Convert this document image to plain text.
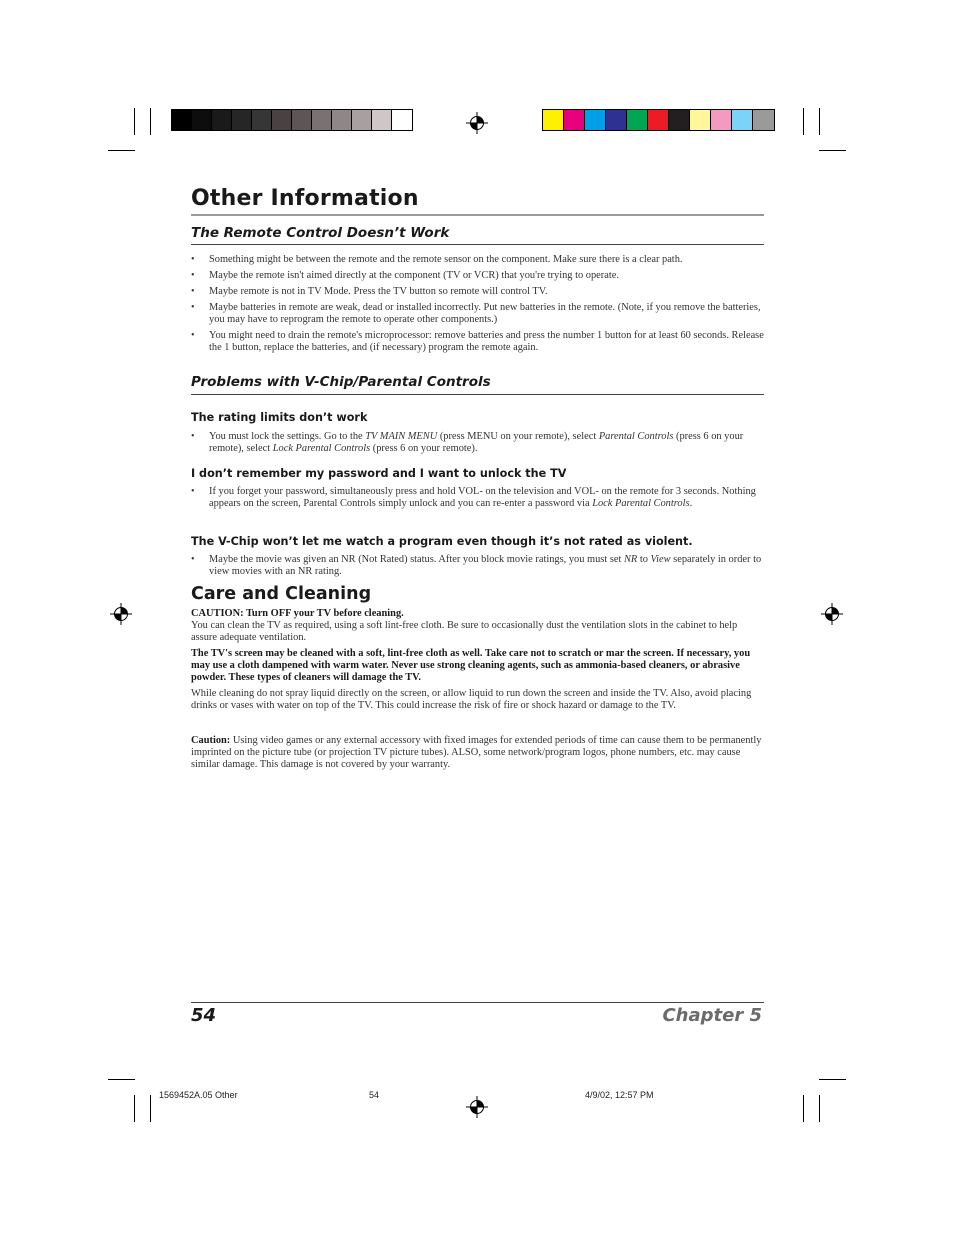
Other Information
The Remote Control Doesn’t Work
• Something might be between the remote and the remote sensor on the component. Make sure there is a clear path.
• Maybe the remote isn't aimed directly at the component (TV or VCR) that you're trying to operate.
• Maybe remote is not in TV Mode. Press the TV button so remote will control TV.
• Maybe batteries in remote are weak, dead or installed incorrectly. Put new batteries in the remote. (Note, if you remove the batteries, you may have to reprogram the remote to operate other components.)
• You might need to drain the remote's microprocessor: remove batteries and press the number 1 button for at least 60 seconds. Release the 1 button, replace the batteries, and (if necessary) program the remote again.
Problems with V-Chip/Parental Controls
The rating limits don’t work
• You must lock the settings. Go to the TV MAIN MENU (press MENU on your remote), select Parental Controls (press 6 on your remote), select Lock Parental Controls (press 6 on your remote).
I don’t remember my password and I want to unlock the TV
• If you forget your password, simultaneously press and hold VOL- on the television and VOL- on the remote for 3 seconds. Nothing appears on the screen, Parental Controls simply unlock and you can re-enter a password via Lock Parental Controls.
The V-Chip won’t let me watch a program even though it’s not rated as violent.
• Maybe the movie was given an NR (Not Rated) status. After you block movie ratings, you must set NR to View separately in order to view movies with an NR rating.
Care and Cleaning

CAUTION: Turn OFF your TV before cleaning.

You can clean the TV as required, using a soft lint-free cloth. Be sure to occasionally dust the ventilation slots in the cabinet to help assure adequate ventilation.

The TV's screen may be cleaned with a soft, lint-free cloth as well. Take care not to scratch or mar the screen. If necessary, you may use a cloth dampened with warm water. Never use strong cleaning agents, such as ammonia-based cleaners, or abrasive powder. These types of cleaners will damage the TV.

While cleaning do not spray liquid directly on the screen, or allow liquid to run down the screen and inside the TV. Also, avoid placing drinks or vases with water on top of the TV. This could increase the risk of fire or shock hazard or damage to the TV.

Caution: Using video games or any external accessory with fixed images for extended periods of time can cause them to be permanently imprinted on the picture tube (or projection TV picture tubes). ALSO, some network/program logos, phone numbers, etc. may cause similar damage. This damage is not covered by your warranty.

54	Chapter 5
1569452A.05 Other	54	4/9/02, 12:57 PM
